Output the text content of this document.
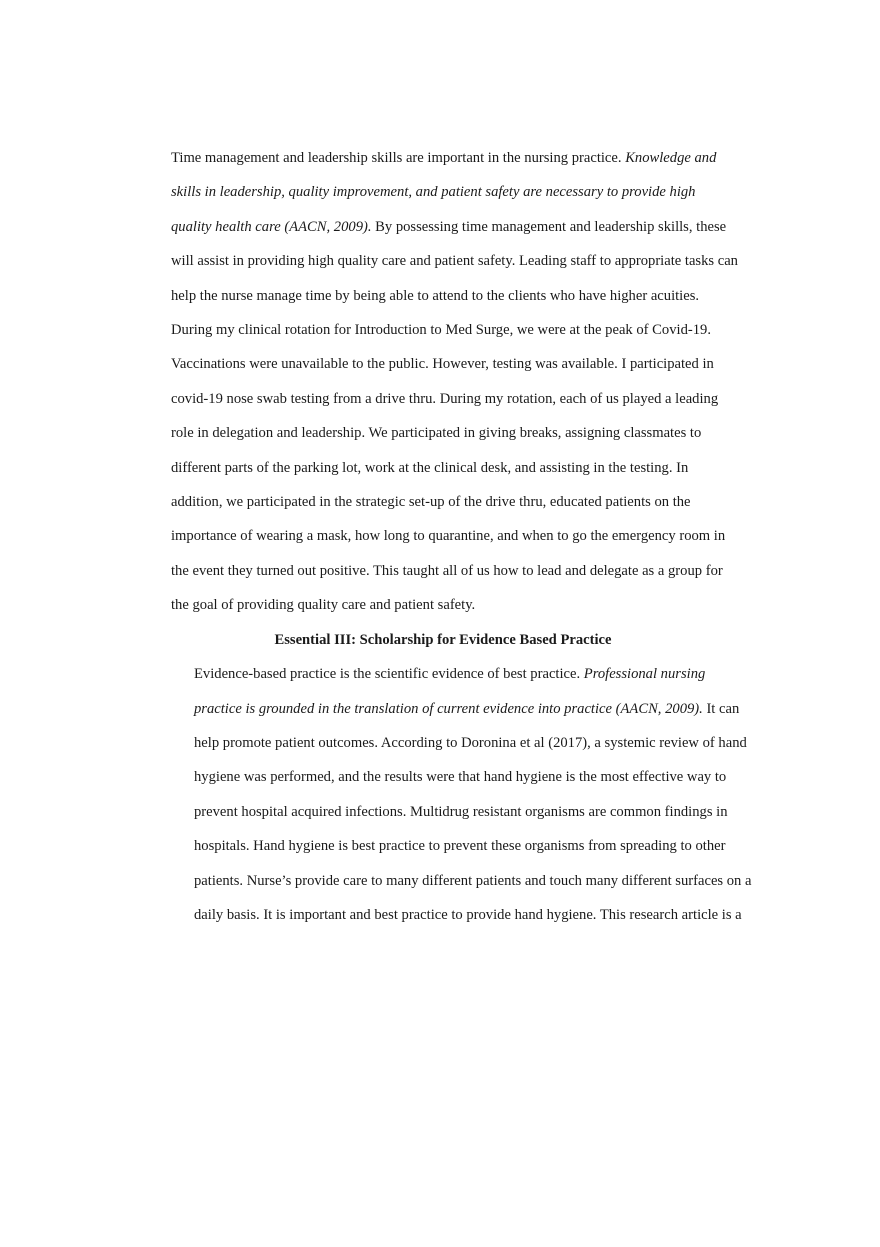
Time management and leadership skills are important in the nursing practice. Knowledge and
skills in leadership, quality improvement, and patient safety are necessary to provide high
quality health care (AACN, 2009). By possessing time management and leadership skills, these
will assist in providing high quality care and patient safety. Leading staff to appropriate tasks can
help the nurse manage time by being able to attend to the clients who have higher acuities.

During my clinical rotation for Introduction to Med Surge, we were at the peak of Covid-19.
Vaccinations were unavailable to the public. However, testing was available. I participated in
covid-19 nose swab testing from a drive thru. During my rotation, each of us played a leading
role in delegation and leadership. We participated in giving breaks, assigning classmates to
different parts of the parking lot, work at the clinical desk, and assisting in the testing. In
addition, we participated in the strategic set-up of the drive thru, educated patients on the
importance of wearing a mask, how long to quarantine, and when to go the emergency room in
the event they turned out positive. This taught all of us how to lead and delegate as a group for
the goal of providing quality care and patient safety.

Essential III: Scholarship for Evidence Based Practice

Evidence-based practice is the scientific evidence of best practice. Professional nursing
practice is grounded in the translation of current evidence into practice (AACN, 2009). It can
help promote patient outcomes. According to Doronina et al (2017), a systemic review of hand
hygiene was performed, and the results were that hand hygiene is the most effective way to
prevent hospital acquired infections. Multidrug resistant organisms are common findings in
hospitals. Hand hygiene is best practice to prevent these organisms from spreading to other
patients. Nurse’s provide care to many different patients and touch many different surfaces on a
daily basis. It is important and best practice to provide hand hygiene. This research article is a
